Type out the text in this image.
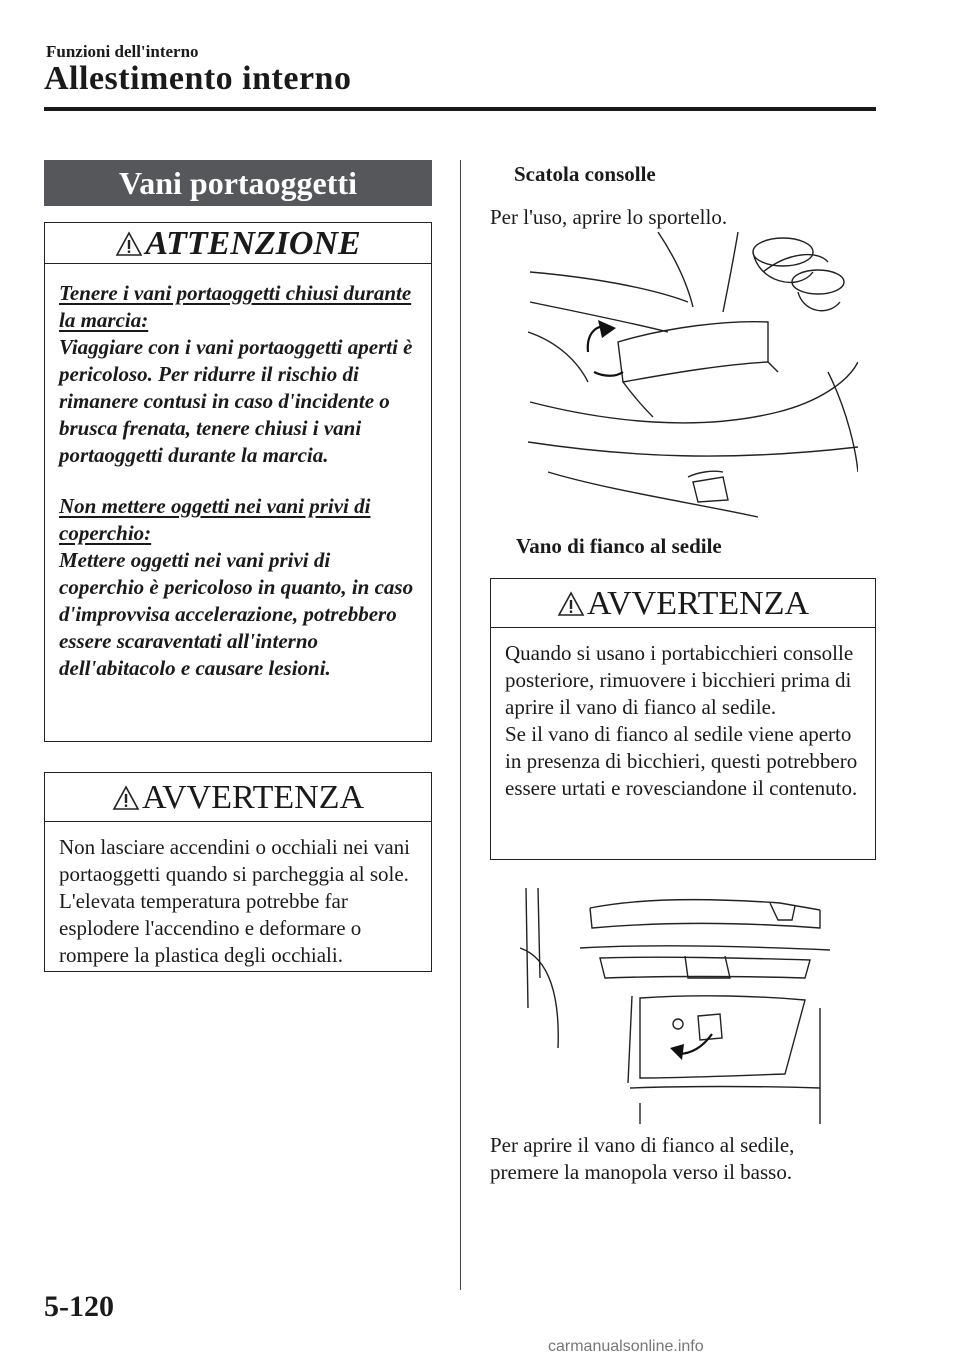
Funzioni dell'interno
Allestimento interno
Vani portaoggetti
ATTENZIONE
Tenere i vani portaoggetti chiusi durante la marcia:
Viaggiare con i vani portaoggetti aperti è pericoloso. Per ridurre il rischio di rimanere contusi in caso d'incidente o brusca frenata, tenere chiusi i vani portaoggetti durante la marcia.
Non mettere oggetti nei vani privi di coperchio:
Mettere oggetti nei vani privi di coperchio è pericoloso in quanto, in caso d'improvvisa accelerazione, potrebbero essere scaraventati all'interno dell'abitacolo e causare lesioni.
AVVERTENZA
Non lasciare accendini o occhiali nei vani portaoggetti quando si parcheggia al sole. L'elevata temperatura potrebbe far esplodere l'accendino e deformare o rompere la plastica degli occhiali.
Scatola consolle
Per l'uso, aprire lo sportello.
Vano di fianco al sedile
AVVERTENZA
Quando si usano i portabicchieri consolle posteriore, rimuovere i bicchieri prima di aprire il vano di fianco al sedile.
Se il vano di fianco al sedile viene aperto in presenza di bicchieri, questi potrebbero essere urtati e rovesciandone il contenuto.
Per aprire il vano di fianco al sedile, premere la manopola verso il basso.
5-120
carmanualsonline.info
